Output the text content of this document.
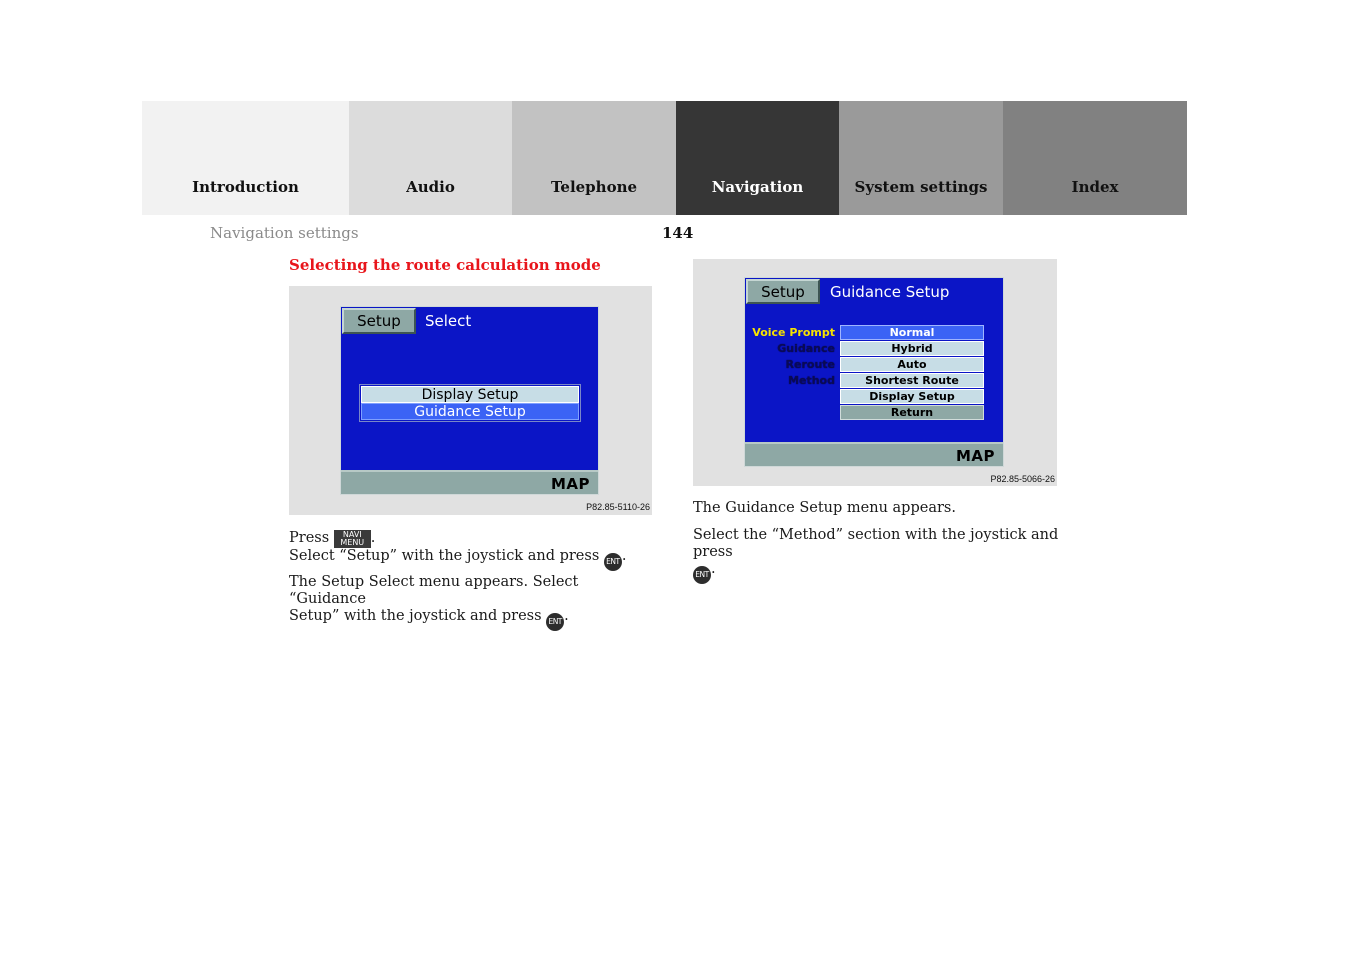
Introduction	Audio	Telephone	Navigation	System settings	Index
Navigation settings	144
Selecting the route calculation mode
Setup	Select
Display Setup
Guidance Setup
MAP
P82.85-5110-26
Setup	Guidance Setup
Voice Prompt
Guidance
Reroute
Method
Normal
Hybrid
Auto
Shortest Route
Display Setup
Return
MAP
P82.85-5066-26
Press NAVI
MENU .
Select “Setup” with the joystick and press ENT .
The Setup Select menu appears. Select “Guidance
Setup” with the joystick and press ENT .
The Guidance Setup menu appears.
Select the “Method” section with the joystick and press
ENT .
